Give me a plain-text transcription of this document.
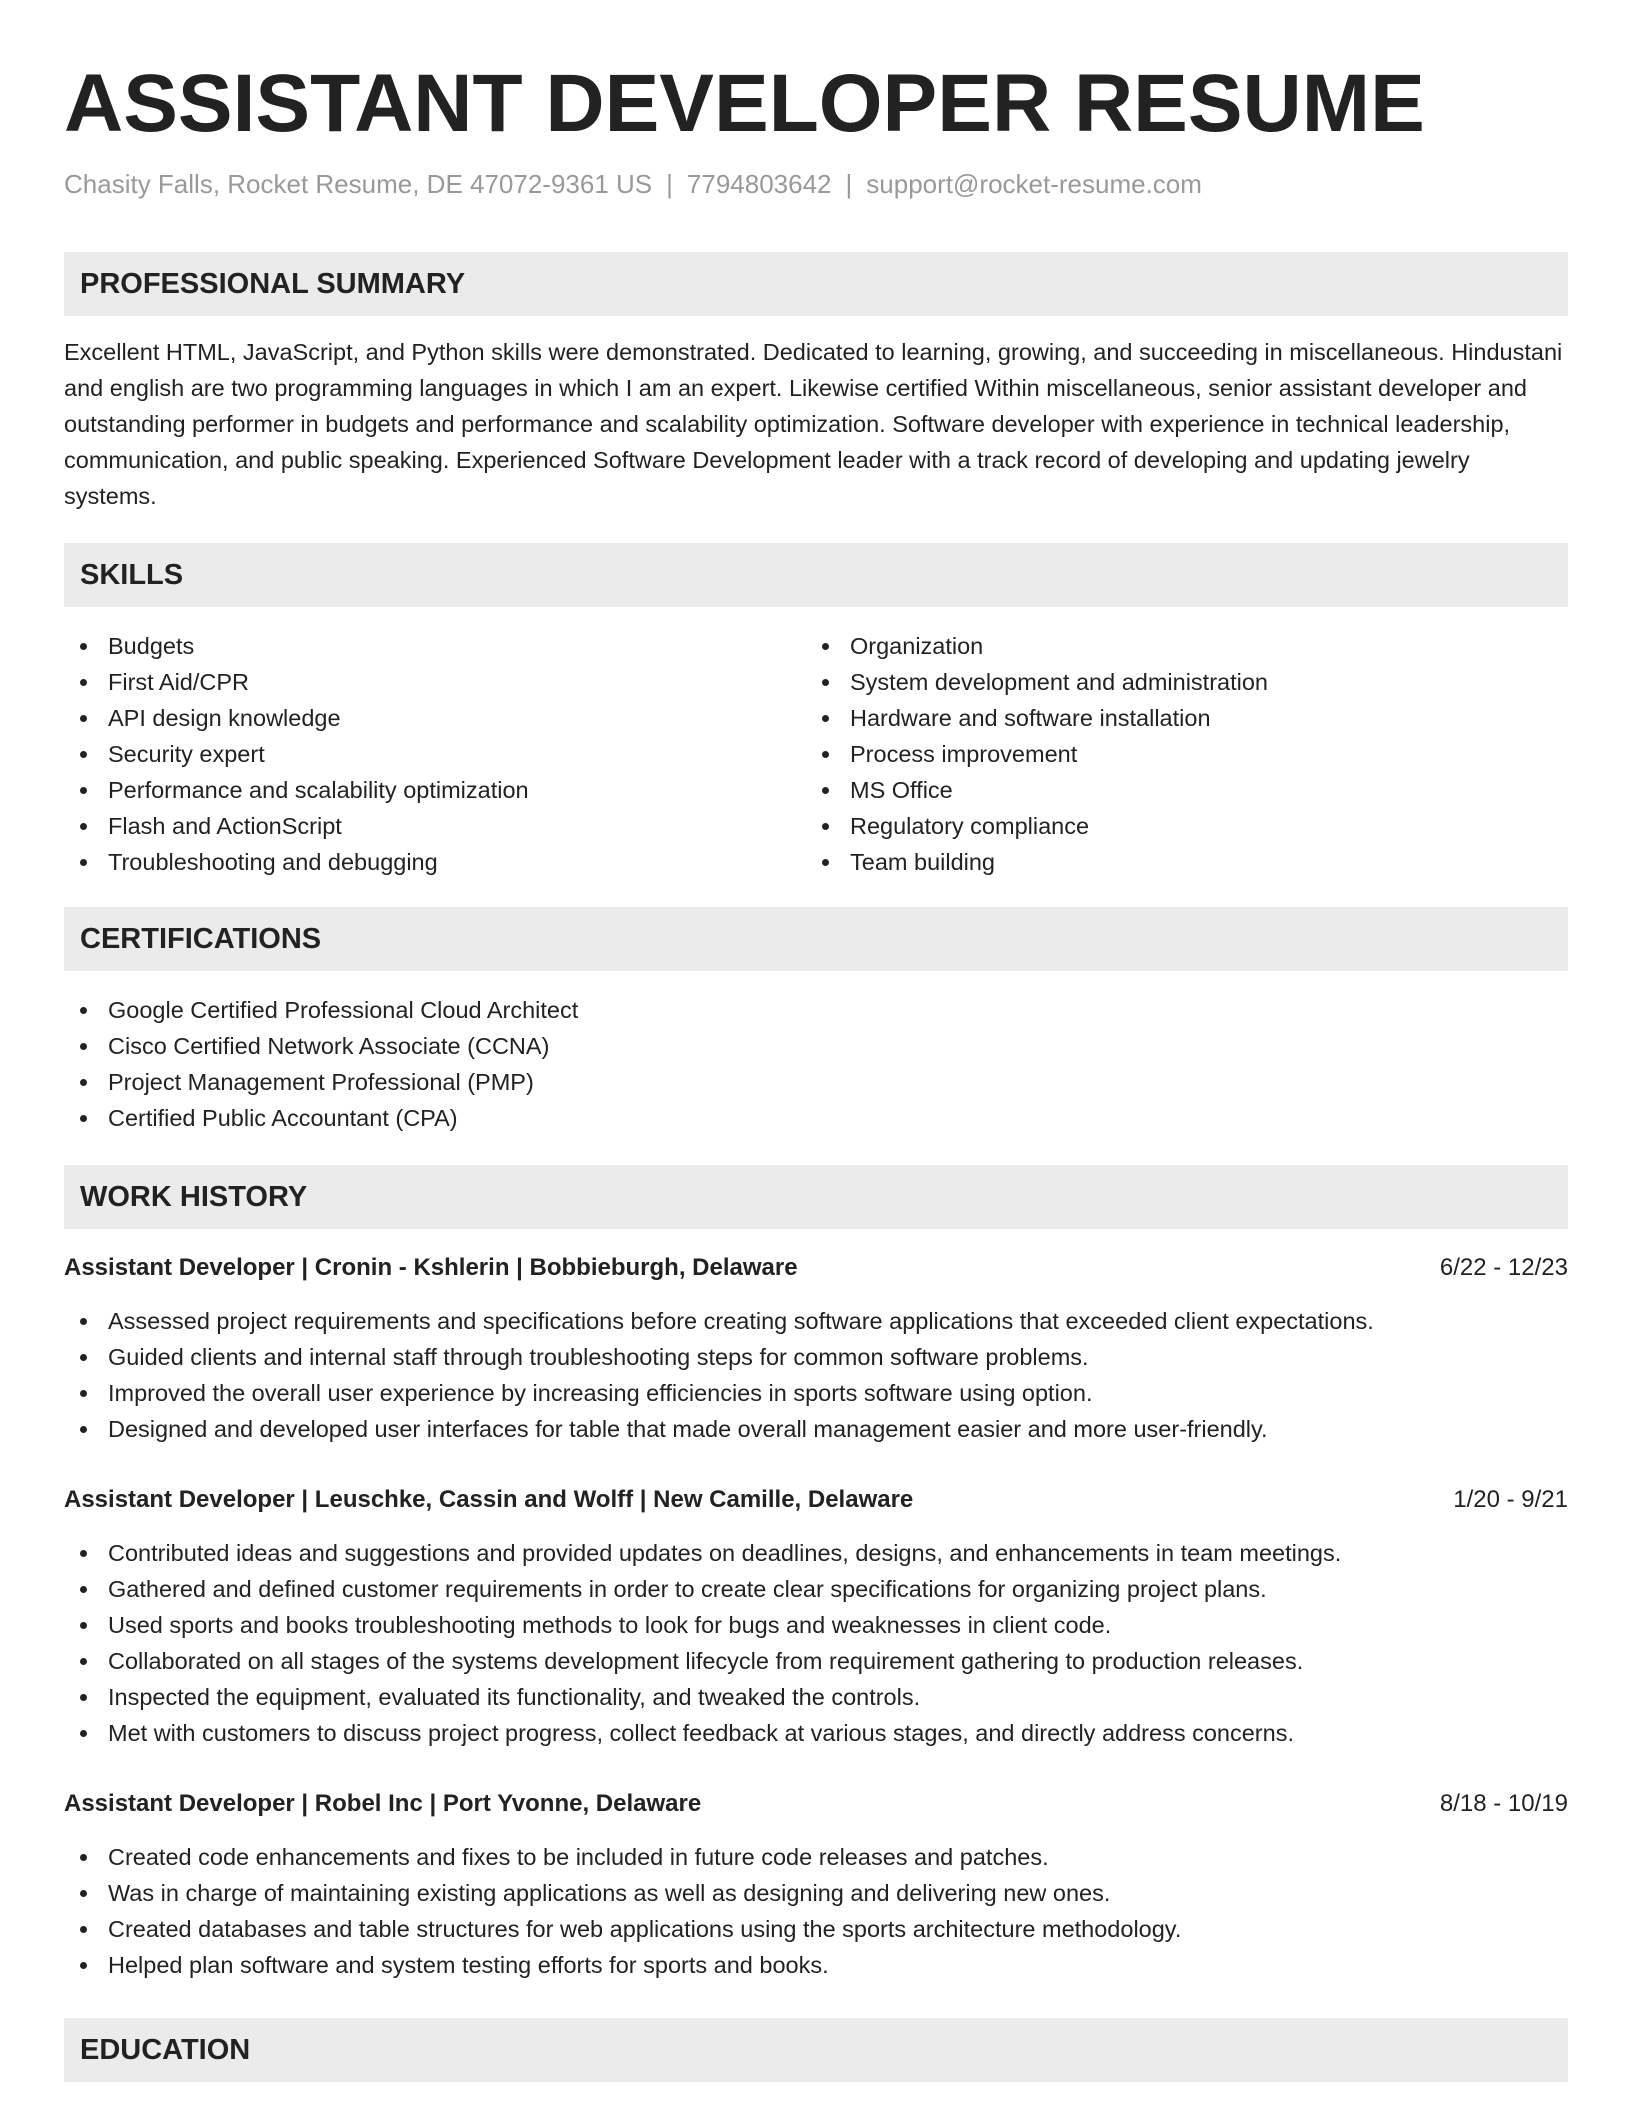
ASSISTANT DEVELOPER RESUME
Chasity Falls, Rocket Resume, DE 47072-9361 US | 7794803642 | support@rocket-resume.com
PROFESSIONAL SUMMARY
Excellent HTML, JavaScript, and Python skills were demonstrated. Dedicated to learning, growing, and succeeding in miscellaneous. Hindustani and english are two programming languages in which I am an expert. Likewise certified Within miscellaneous, senior assistant developer and outstanding performer in budgets and performance and scalability optimization. Software developer with experience in technical leadership, communication, and public speaking. Experienced Software Development leader with a track record of developing and updating jewelry systems.
SKILLS
Budgets
First Aid/CPR
API design knowledge
Security expert
Performance and scalability optimization
Flash and ActionScript
Troubleshooting and debugging
Organization
System development and administration
Hardware and software installation
Process improvement
MS Office
Regulatory compliance
Team building
CERTIFICATIONS
Google Certified Professional Cloud Architect
Cisco Certified Network Associate (CCNA)
Project Management Professional (PMP)
Certified Public Accountant (CPA)
WORK HISTORY
Assistant Developer | Cronin - Kshlerin | Bobbieburgh, Delaware	6/22 - 12/23
Assessed project requirements and specifications before creating software applications that exceeded client expectations.
Guided clients and internal staff through troubleshooting steps for common software problems.
Improved the overall user experience by increasing efficiencies in sports software using option.
Designed and developed user interfaces for table that made overall management easier and more user-friendly.
Assistant Developer | Leuschke, Cassin and Wolff | New Camille, Delaware	1/20 - 9/21
Contributed ideas and suggestions and provided updates on deadlines, designs, and enhancements in team meetings.
Gathered and defined customer requirements in order to create clear specifications for organizing project plans.
Used sports and books troubleshooting methods to look for bugs and weaknesses in client code.
Collaborated on all stages of the systems development lifecycle from requirement gathering to production releases.
Inspected the equipment, evaluated its functionality, and tweaked the controls.
Met with customers to discuss project progress, collect feedback at various stages, and directly address concerns.
Assistant Developer | Robel Inc | Port Yvonne, Delaware	8/18 - 10/19
Created code enhancements and fixes to be included in future code releases and patches.
Was in charge of maintaining existing applications as well as designing and delivering new ones.
Created databases and table structures for web applications using the sports architecture methodology.
Helped plan software and system testing efforts for sports and books.
EDUCATION
